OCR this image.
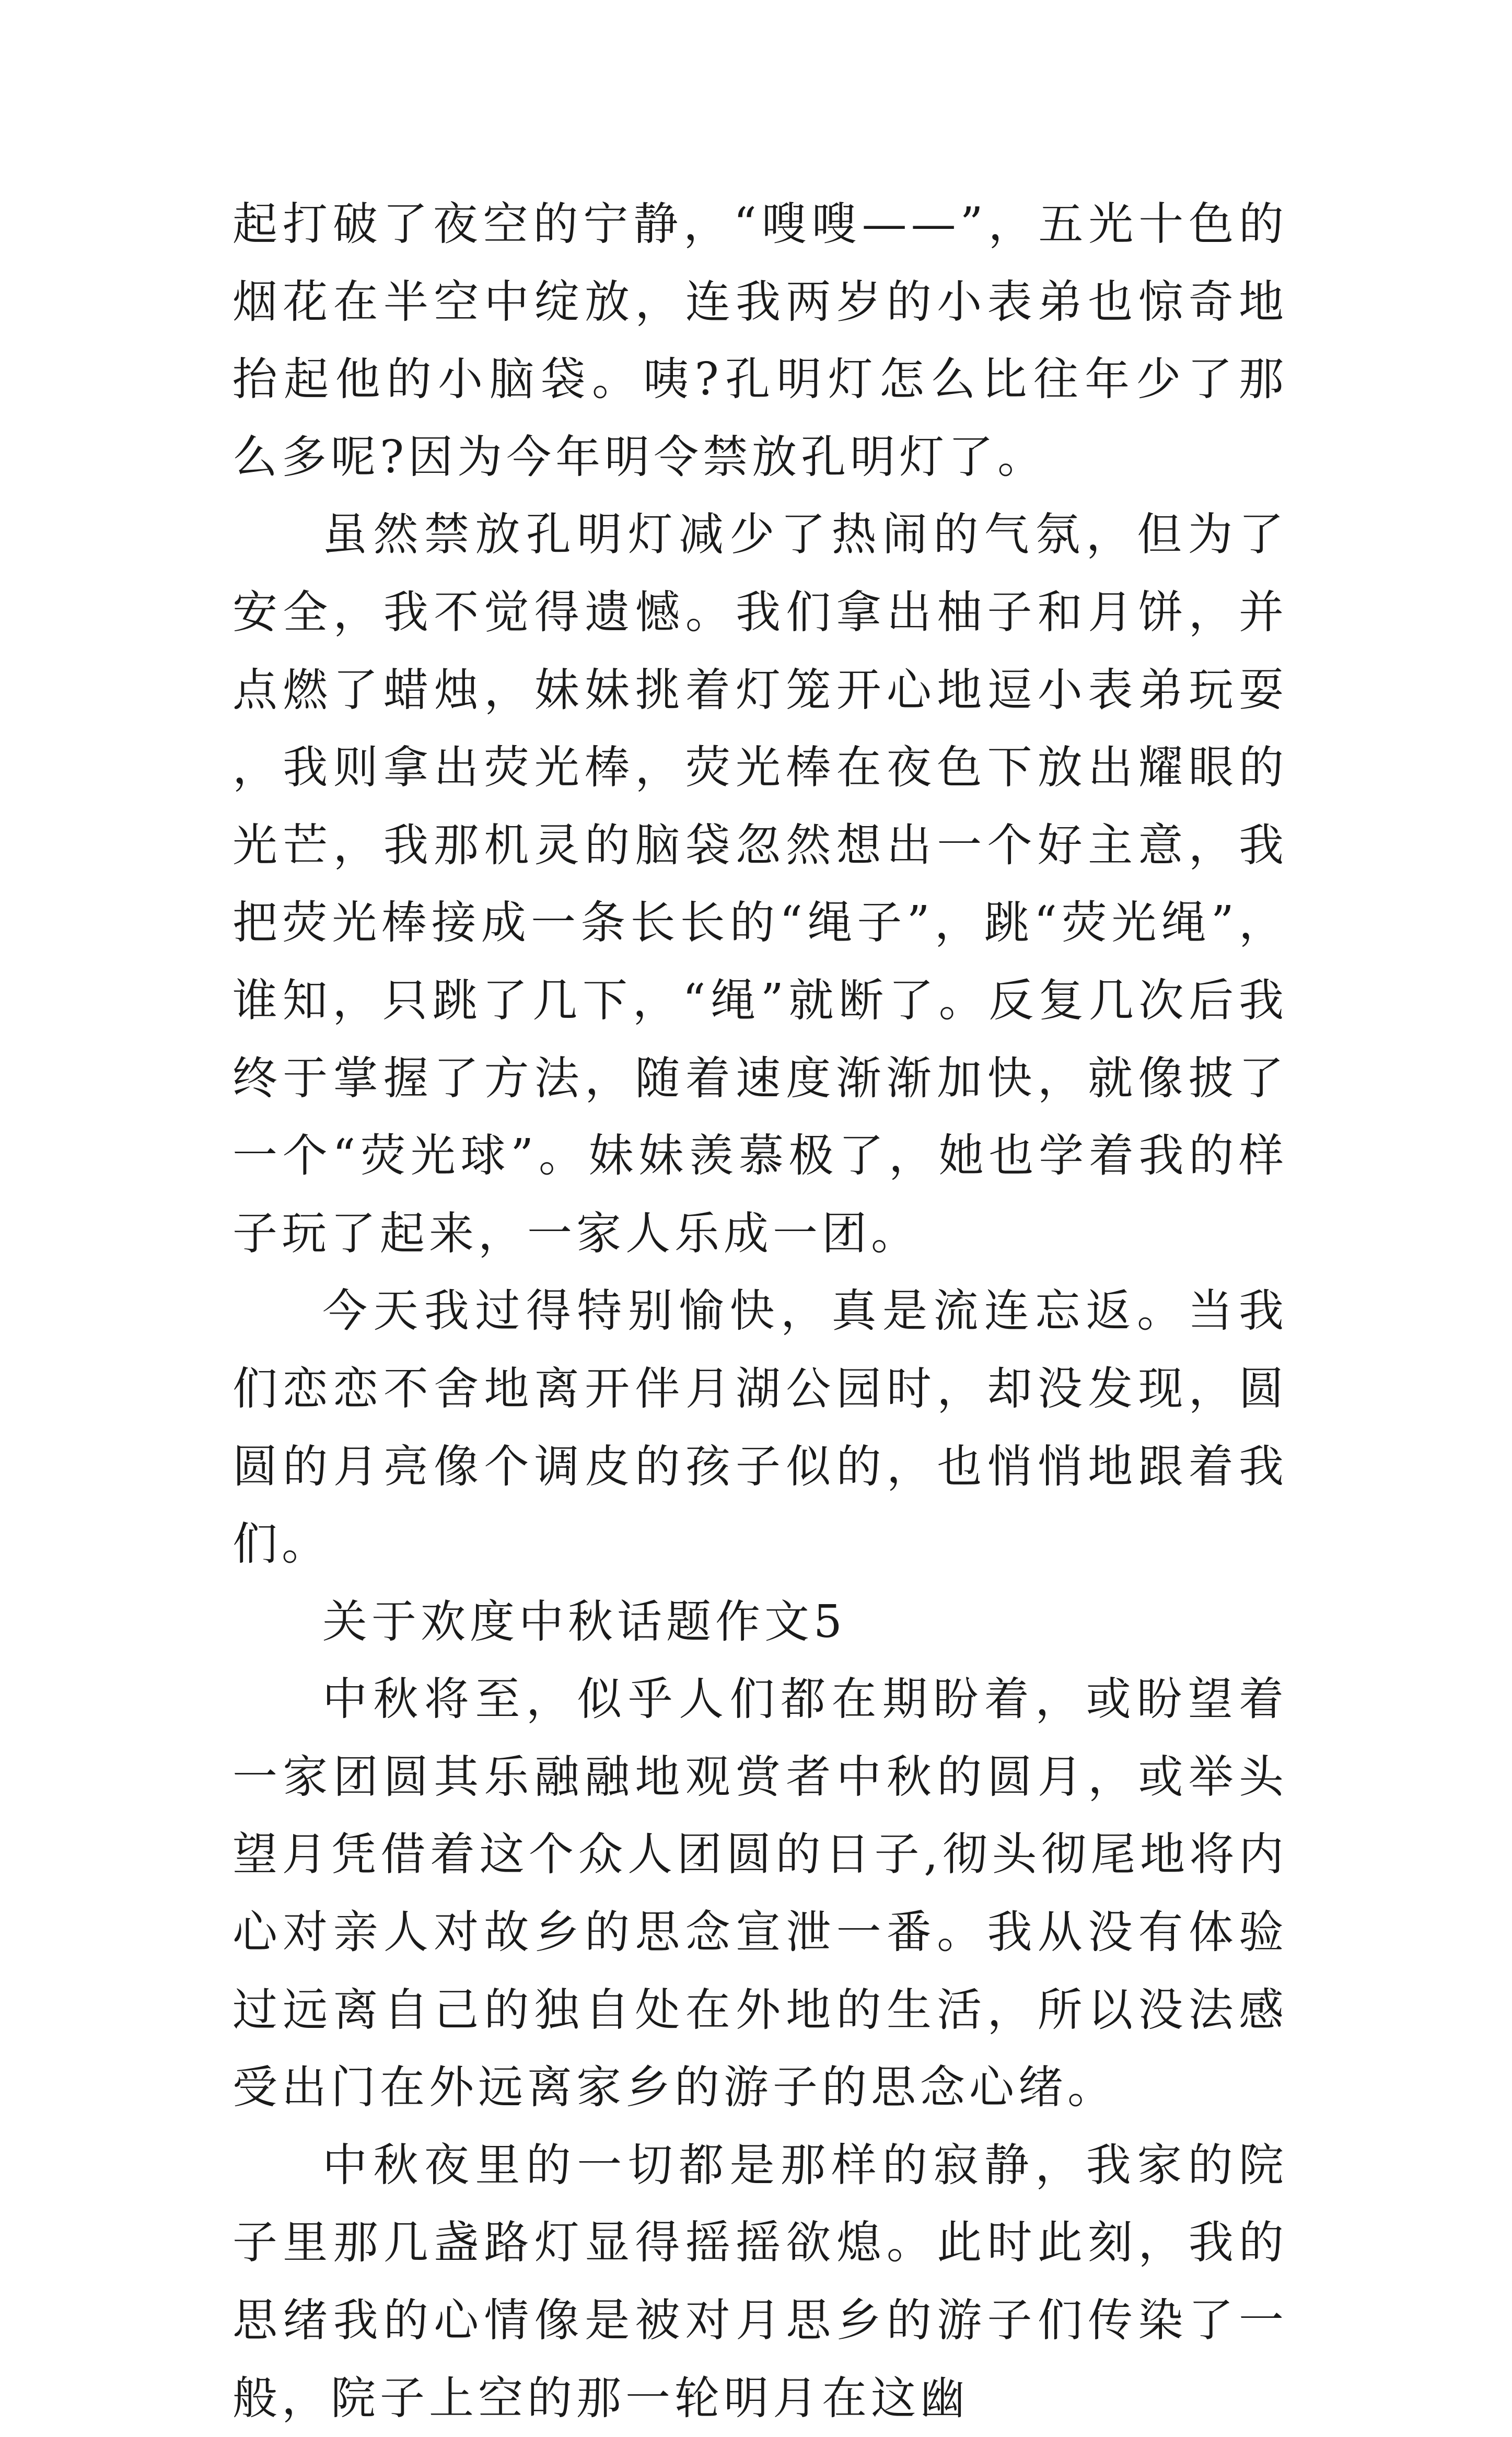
起打破了夜空的宁静，“嗖嗖——”，五光十色的烟花在半空中绽放，连我两岁的小表弟也惊奇地抬起他的小脑袋。咦?孔明灯怎么比往年少了那么多呢?因为今年明令禁放孔明灯了。

虽然禁放孔明灯减少了热闹的气氛，但为了安全，我不觉得遗憾。我们拿出柚子和月饼，并点燃了蜡烛，妹妹挑着灯笼开心地逗小表弟玩耍，我则拿出荧光棒，荧光棒在夜色下放出耀眼的光芒，我那机灵的脑袋忽然想出一个好主意，我把荧光棒接成一条长长的“绳子”，跳“荧光绳”，谁知，只跳了几下，“绳”就断了。反复几次后我终于掌握了方法，随着速度渐渐加快，就像披了一个“荧光球”。妹妹羡慕极了，她也学着我的样子玩了起来，一家人乐成一团。

今天我过得特别愉快，真是流连忘返。当我们恋恋不舍地离开伴月湖公园时，却没发现，圆圆的月亮像个调皮的孩子似的，也悄悄地跟着我们。

关于欢度中秋话题作文5

中秋将至，似乎人们都在期盼着，或盼望着一家团圆其乐融融地观赏者中秋的圆月，或举头望月凭借着这个众人团圆的日子,彻头彻尾地将内心对亲人对故乡的思念宣泄一番。我从没有体验过远离自己的独自处在外地的生活，所以没法感受出门在外远离家乡的游子的思念心绪。

中秋夜里的一切都是那样的寂静，我家的院子里那几盏路灯显得摇摇欲熄。此时此刻，我的思绪我的心情像是被对月思乡的游子们传染了一般，院子上空的那一轮明月在这幽
